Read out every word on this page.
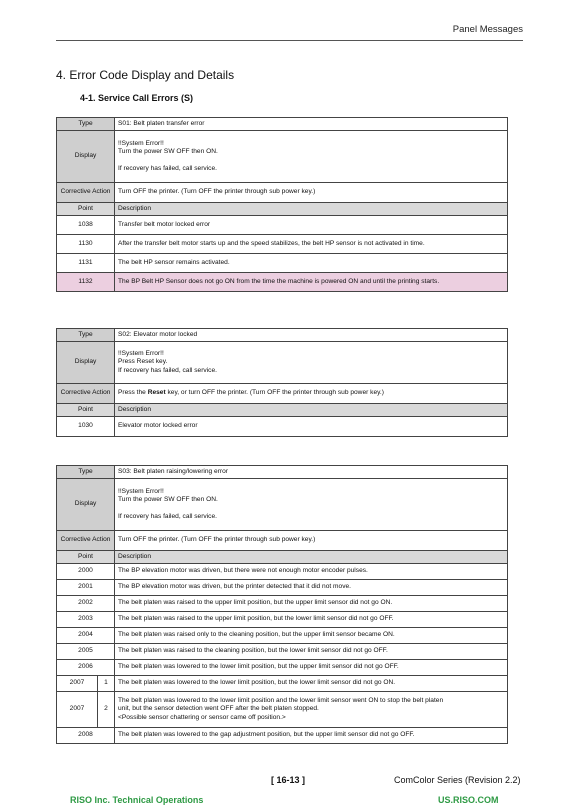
Panel Messages
4. Error Code Display and Details
4-1. Service Call Errors (S)
Type	S01: Belt platen transfer error
Display	!!System Error!!
Turn the power SW OFF then ON.
If recovery has failed, call service.

Corrective Action	Turn OFF the printer. (Turn OFF the printer through sub power key.)
Point	Description
1038	Transfer belt motor locked error
1130	After the transfer belt motor starts up and the speed stabilizes, the belt HP sensor is not activated in time.
1131	The belt HP sensor remains activated.
1132	The BP Belt HP Sensor does not go ON from the time the machine is powered ON and until the printing starts.
Type	S02: Elevator motor locked
Display	!!System Error!!
Press Reset key.
If recovery has failed, call service.

Corrective Action	Press the Reset key, or turn OFF the printer. (Turn OFF the printer through sub power key.)
Point	Description
1030	Elevator motor locked error
Type		S03: Belt platen raising/lowering error
Display		!!System Error!!
Turn the power SW OFF then ON.
If recovery has failed, call service.

Corrective Action		Turn OFF the printer. (Turn OFF the printer through sub power key.)
Point		Description
2000		The BP elevation motor was driven, but there were not enough motor encoder pulses.
2001		The BP elevation motor was driven, but the printer detected that it did not move.
2002		The belt platen was raised to the upper limit position, but the upper limit sensor did not go ON.
2003		The belt platen was raised to the upper limit position, but the lower limit sensor did not go OFF.
2004		The belt platen was raised only to the cleaning position, but the upper limit sensor became ON.
2005		The belt platen was raised to the cleaning position, but the lower limit sensor did not go OFF.
2006		The belt platen was lowered to the lower limit position, but the upper limit sensor did not go OFF.
2007	1	The belt platen was lowered to the lower limit position, but the lower limit sensor did not go ON.
2007	2	The belt platen was lowered to the lower limit position and the lower limit sensor went ON to stop the belt platen
unit, but the sensor detection went OFF after the belt platen stopped.
<Possible sensor chattering or sensor came off position.>

2008		The belt platen was lowered to the gap adjustment position, but the upper limit sensor did not go OFF.
[ 16-13 ]	ComColor Series (Revision 2.2)
RISO Inc. Technical Operations	US.RISO.COM
